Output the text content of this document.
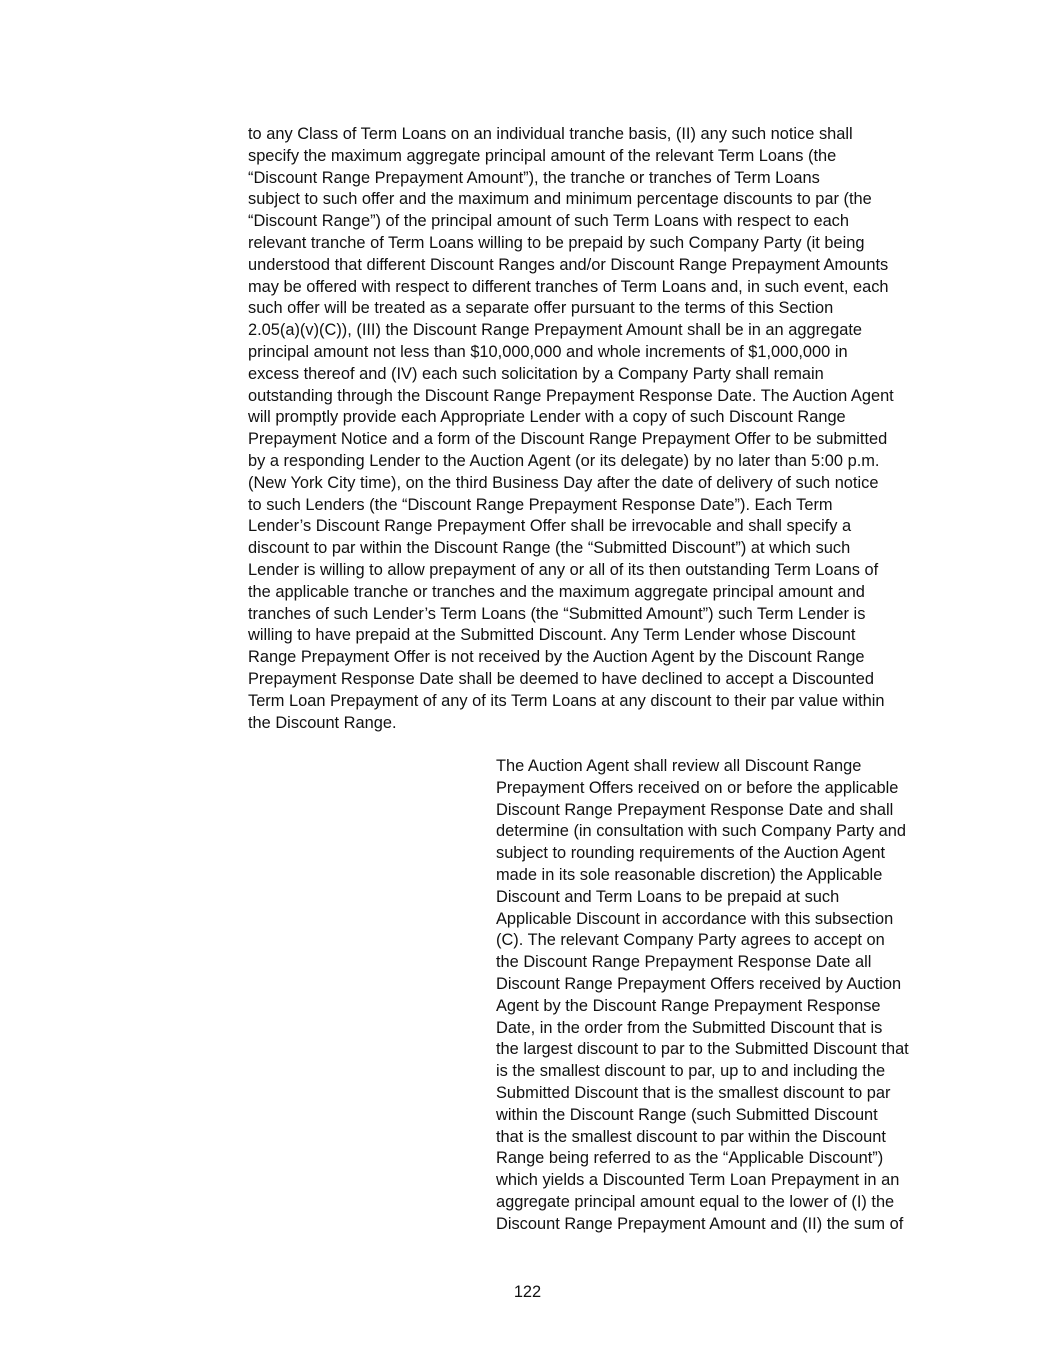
to any Class of Term Loans on an individual tranche basis, (II) any such notice shall

specify the maximum aggregate principal amount of the relevant Term Loans (the

“Discount Range Prepayment Amount”), the tranche or tranches of Term Loans

subject to such offer and the maximum and minimum percentage discounts to par (the

“Discount Range”) of the principal amount of such Term Loans with respect to each

relevant tranche of Term Loans willing to be prepaid by such Company Party (it being

understood that different Discount Ranges and/or Discount Range Prepayment Amounts

may be offered with respect to different tranches of Term Loans and, in such event, each

such offer will be treated as a separate offer pursuant to the terms of this Section

2.05(a)(v)(C)), (III) the Discount Range Prepayment Amount shall be in an aggregate

principal amount not less than $10,000,000 and whole increments of $1,000,000 in

excess thereof and (IV) each such solicitation by a Company Party shall remain

outstanding through the Discount Range Prepayment Response Date. The Auction Agent

will promptly provide each Appropriate Lender with a copy of such Discount Range

Prepayment Notice and a form of the Discount Range Prepayment Offer to be submitted

by a responding Lender to the Auction Agent (or its delegate) by no later than 5:00 p.m.

(New York City time), on the third Business Day after the date of delivery of such notice

to such Lenders (the “Discount Range Prepayment Response Date”). Each Term

Lender’s Discount Range Prepayment Offer shall be irrevocable and shall specify a

discount to par within the Discount Range (the “Submitted Discount”) at which such

Lender is willing to allow prepayment of any or all of its then outstanding Term Loans of

the applicable tranche or tranches and the maximum aggregate principal amount and

tranches of such Lender’s Term Loans (the “Submitted Amount”) such Term Lender is

willing to have prepaid at the Submitted Discount. Any Term Lender whose Discount

Range Prepayment Offer is not received by the Auction Agent by the Discount Range

Prepayment Response Date shall be deemed to have declined to accept a Discounted

Term Loan Prepayment of any of its Term Loans at any discount to their par value within

the Discount Range.

The Auction Agent shall review all Discount Range

Prepayment Offers received on or before the applicable

Discount Range Prepayment Response Date and shall

determine (in consultation with such Company Party and

subject to rounding requirements of the Auction Agent

made in its sole reasonable discretion) the Applicable

Discount and Term Loans to be prepaid at such

Applicable Discount in accordance with this subsection

(C). The relevant Company Party agrees to accept on

the Discount Range Prepayment Response Date all

Discount Range Prepayment Offers received by Auction

Agent by the Discount Range Prepayment Response

Date, in the order from the Submitted Discount that is

the largest discount to par to the Submitted Discount that

is the smallest discount to par, up to and including the

Submitted Discount that is the smallest discount to par

within the Discount Range (such Submitted Discount

that is the smallest discount to par within the Discount

Range being referred to as the “Applicable Discount”)

which yields a Discounted Term Loan Prepayment in an

aggregate principal amount equal to the lower of (I) the

Discount Range Prepayment Amount and (II) the sum of

122
